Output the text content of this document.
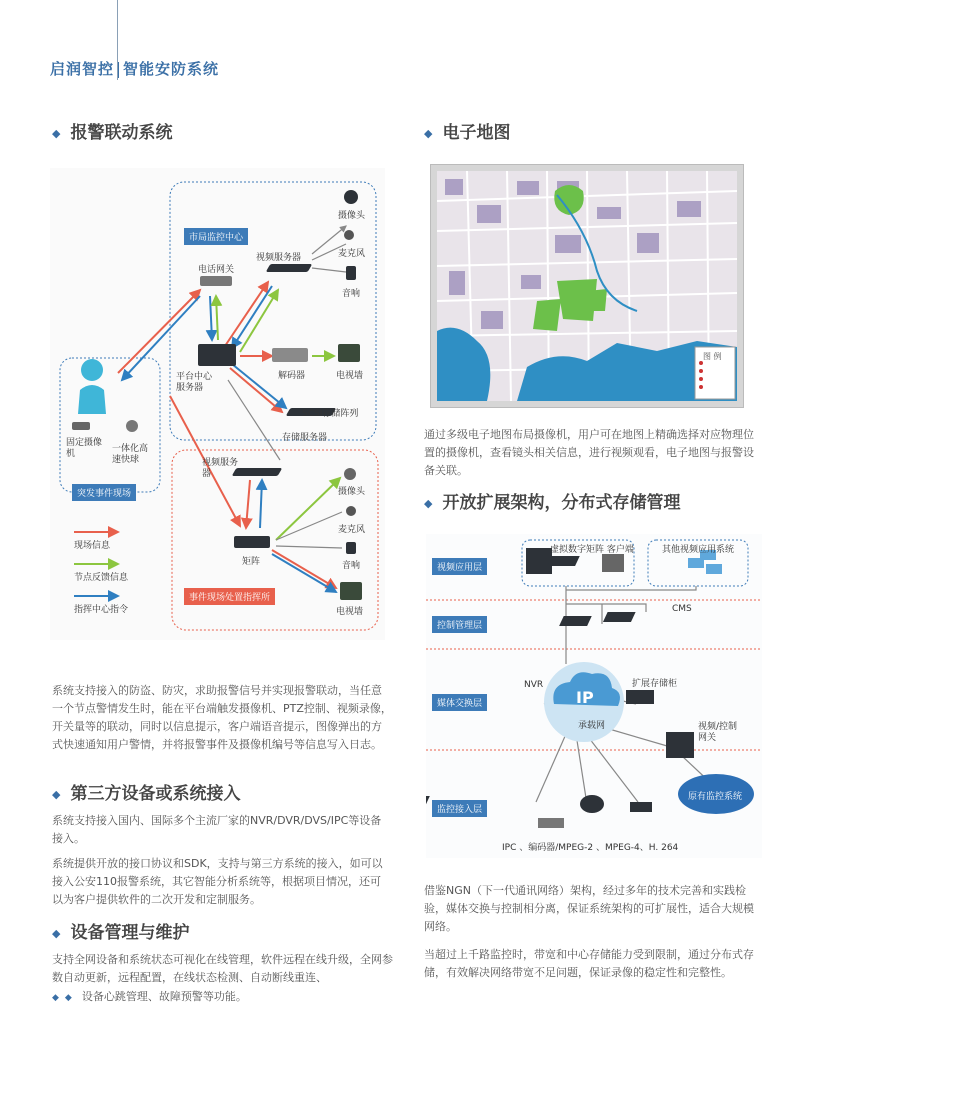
启润智控 智能安防系统
◆ 报警联动系统
市局监控中心
突发事件现场
事件现场处置指挥所
摄像头
麦克风
音响
视频服务器
电话网关
平台中心服务器
解码器	电视墙
SCSI存储阵列
存储服务器
固定摄像机	一体化高速快球	视频服务器
矩阵
摄像头
麦克风
音响
电视墙
现场信息
节点反馈信息
指挥中心指令
系统支持接入的防盗、防灾，求助报警信号并实现报警联动，当任意一个节点警情发生时，能在平台端触发摄像机、PTZ控制、视频录像，开关量等的联动，同时以信息提示，客户端语音提示，图像弹出的方式快速通知用户警情，并将报警事件及摄像机编号等信息写入日志。
◆ 第三方设备或系统接入
系统支持接入国内、国际多个主流厂家的NVR/DVR/DVS/IPC等设备接入。
系统提供开放的接口协议和SDK，支持与第三方系统的接入，如可以接入公安110报警系统，其它智能分析系统等，根据项目情况，还可以为客户提供软件的二次开发和定制服务。
◆ 设备管理与维护
支持全网设备和系统状态可视化在线管理，软件远程在线升级，全网参数自动更新，远程配置，在线状态检测、自动断线重连、
◆ ◆ 设备心跳管理、故障预警等功能。
◆ 电子地图
图 例
通过多级电子地图布局摄像机，用户可在地图上精确选择对应物理位置的摄像机，查看镜头相关信息，进行视频观看，电子地图与报警设备关联。
◆ 开放扩展架构，分布式存储管理
视频应用层
控制管理层
媒体交换层
监控接入层
虚拟数字矩阵 客户端	其他视频应用系统
CMS
NVR	扩展存储柜
IP
承载网	视频/控制网关
原有监控系统
IPC 、编码器/MPEG-2 、MPEG-4、H. 264
借鉴NGN（下一代通讯网络）架构，经过多年的技术完善和实践检验，媒体交换与控制相分离，保证系统架构的可扩展性，适合大规模网络。
当超过上千路监控时，带宽和中心存储能力受到限制，通过分布式存储，有效解决网络带宽不足问题，保证录像的稳定性和完整性。
